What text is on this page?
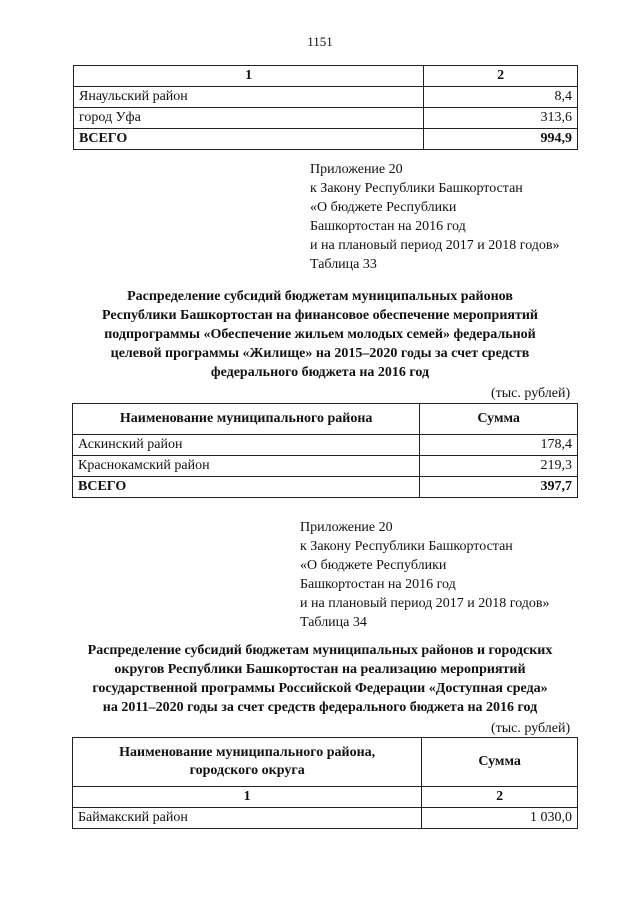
1151
1	2
Янаульский район	8,4
город Уфа	313,6
ВСЕГО	994,9
Приложение 20
к Закону Республики Башкортостан
«О бюджете Республики
Башкортостан на 2016 год
и на плановый период 2017 и 2018 годов»
Таблица 33
Распределение субсидий бюджетам муниципальных районов
Республики Башкортостан на финансовое обеспечение мероприятий
подпрограммы «Обеспечение жильем молодых семей» федеральной
целевой программы «Жилище» на 2015–2020 годы за счет средств
федерального бюджета на 2016 год
(тыс. рублей)
Наименование муниципального района	Сумма
Аскинский район	178,4
Краснокамский район	219,3
ВСЕГО	397,7
Приложение 20
к Закону Республики Башкортостан
«О бюджете Республики
Башкортостан на 2016 год
и на плановый период 2017 и 2018 годов»
Таблица 34
Распределение субсидий бюджетам муниципальных районов и городских
округов Республики Башкортостан на реализацию мероприятий
государственной программы Российской Федерации «Доступная среда»
на 2011–2020 годы за счет средств федерального бюджета на 2016 год
(тыс. рублей)
Наименование муниципального района,
городского округа	Сумма
1	2
Баймакский район	1 030,0
